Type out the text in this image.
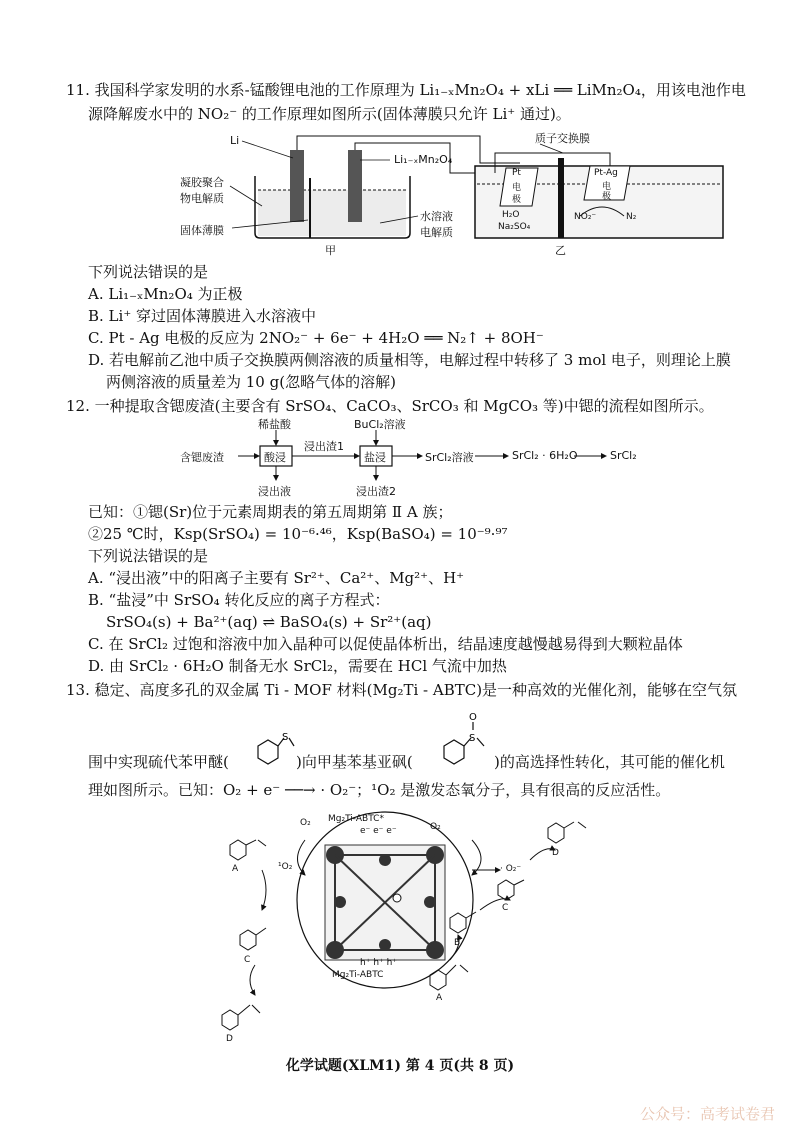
11. 我国科学家发明的水系-锰酸锂电池的工作原理为 Li₁₋ₓMn₂O₄ + xLi ══ LiMn₂O₄，用该电池作电
源降解废水中的 NO₂⁻ 的工作原理如图所示(固体薄膜只允许 Li⁺ 通过)。
Li
Li₁₋ₓMn₂O₄
凝胶聚合
物电解质
固体薄膜
水溶液
电解质
甲	乙
质子交换膜
Pt
电
极
H₂O
Na₂SO₄
Pt-Ag
电
极
NO₂⁻	N₂
下列说法错误的是
A. Li₁₋ₓMn₂O₄ 为正极
B. Li⁺ 穿过固体薄膜进入水溶液中
C. Pt - Ag 电极的反应为 2NO₂⁻ + 6e⁻ + 4H₂O ══ N₂↑ + 8OH⁻
D. 若电解前乙池中质子交换膜两侧溶液的质量相等，电解过程中转移了 3 mol 电子，则理论上膜
两侧溶液的质量差为 10 g(忽略气体的溶解)
12. 一种提取含锶废渣(主要含有 SrSO₄、CaCO₃、SrCO₃ 和 MgCO₃ 等)中锶的流程如图所示。
稀盐酸	BuCl₂溶液
含锶废渣	酸浸
浸出渣1
盐浸	SrCl₂溶液	SrCl₂ · 6H₂O	SrCl₂
浸出液	浸出渣2
已知：①锶(Sr)位于元素周期表的第五周期第 Ⅱ A 族；
②25 ℃时，Ksp(SrSO₄) = 10⁻⁶·⁴⁶，Ksp(BaSO₄) = 10⁻⁹·⁹⁷
下列说法错误的是
A. “浸出液”中的阳离子主要有 Sr²⁺、Ca²⁺、Mg²⁺、H⁺
B. “盐浸”中 SrSO₄ 转化反应的离子方程式：
SrSO₄(s) + Ba²⁺(aq) ⇌ BaSO₄(s) + Sr²⁺(aq)
C. 在 SrCl₂ 过饱和溶液中加入晶种可以促使晶体析出，结晶速度越慢越易得到大颗粒晶体
D. 由 SrCl₂ · 6H₂O 制备无水 SrCl₂，需要在 HCl 气流中加热
13. 稳定、高度多孔的双金属 Ti - MOF 材料(Mg₂Ti - ABTC)是一种高效的光催化剂，能够在空气氛
围中实现硫代苯甲醚(
S
)向甲基苯基亚砜(
S
O
)的高选择性转化，其可能的催化机
理如图所示。已知：O₂ + e⁻ ──→ · O₂⁻；¹O₂ 是激发态氧分子，具有很高的反应活性。
Mg₂Ti-ABTC*
e⁻ e⁻ e⁻
h⁺ h⁺ h⁺
Mg₂Ti-ABTC
O₂
¹O₂
O₂
· O₂⁻
A
A
B
C
C
D
D
化学试题(XLM1) 第 4 页(共 8 页)
公众号：高考试卷君
